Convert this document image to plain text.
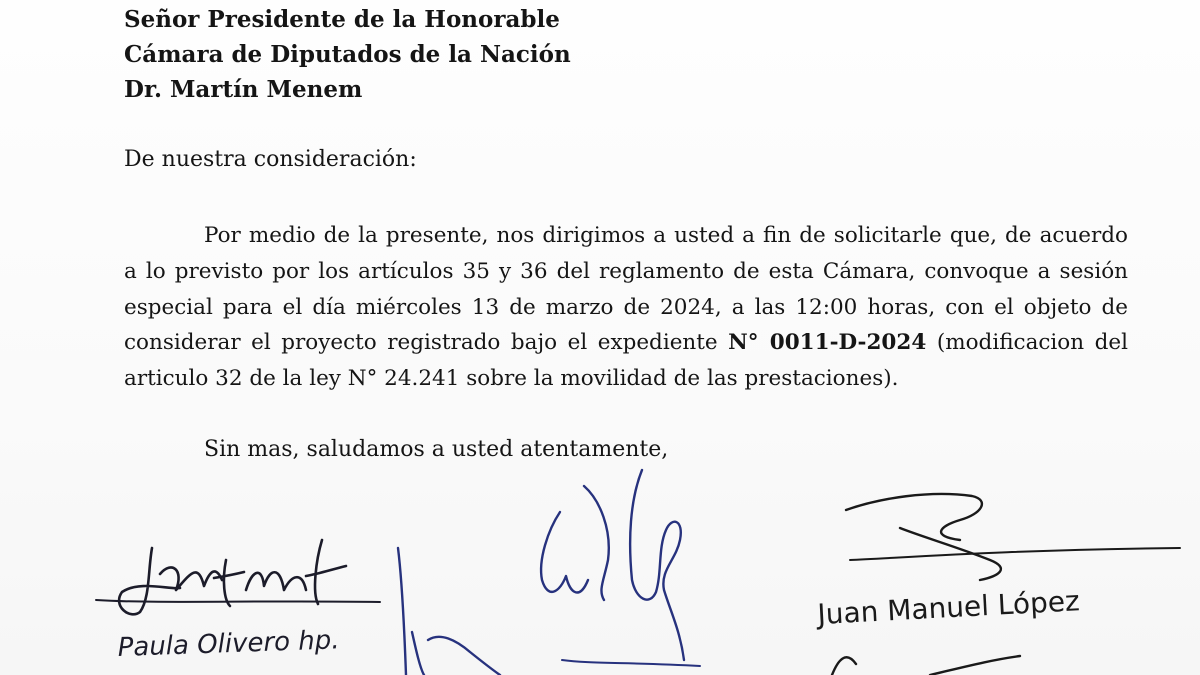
Señor Presidente de la Honorable
Cámara de Diputados de la Nación
Dr. Martín Menem
De nuestra consideración:
Por medio de la presente, nos dirigimos a usted a fin de solicitarle que, de acuerdo a lo previsto por los artículos 35 y 36 del reglamento de esta Cámara, convoque a sesión especial para el día miércoles 13 de marzo de 2024, a las 12:00 horas, con el objeto de considerar el proyecto registrado bajo el expediente N° 0011-D-2024 (modificacion del articulo 32 de la ley N° 24.241 sobre la movilidad de las prestaciones).
Sin mas, saludamos a usted atentamente,
Paula Olivero hp.
Juan Manuel López
